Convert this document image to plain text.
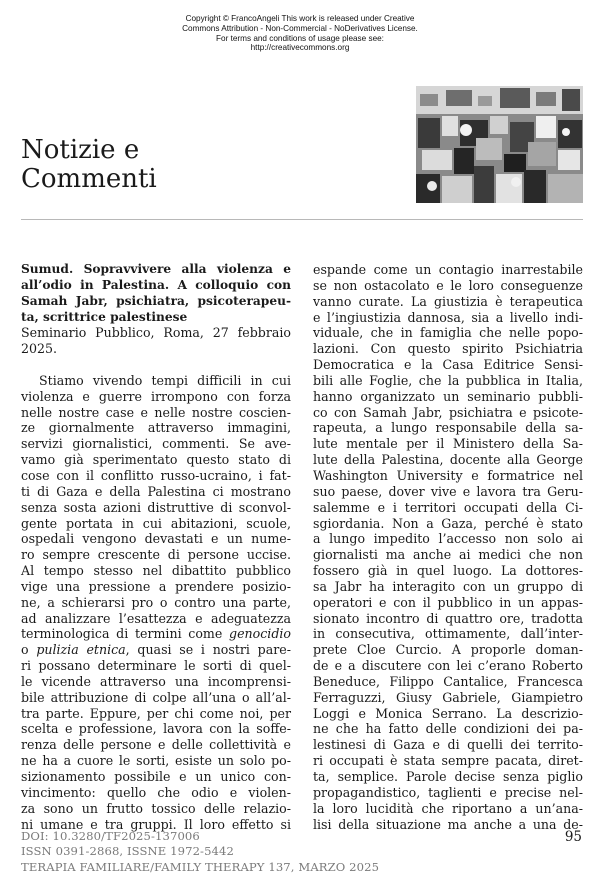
Copyright © FrancoAngeli This work is released under Creative
Commons Attribution - Non-Commercial - NoDerivatives License.
For terms and conditions of usage please see:
http://creativecommons.org
Notizie e
Commenti
Sumud. Sopravvivere alla violenza e
all’odio in Palestina. A colloquio con
Samah Jabr, psichiatra, psicoterapeu-
ta, scrittrice palestinese
Seminario Pubblico, Roma, 27 febbraio
2025.
Stiamo vivendo tempi difficili in cui
violenza e guerre irrompono con forza
nelle nostre case e nelle nostre coscien-
ze giornalmente attraverso immagini,
servizi giornalistici, commenti. Se ave-
vamo già sperimentato questo stato di
cose con il conflitto russo-ucraino, i fat-
ti di Gaza e della Palestina ci mostrano
senza sosta azioni distruttive di sconvol-
gente portata in cui abitazioni, scuole,
ospedali vengono devastati e un nume-
ro sempre crescente di persone uccise.
Al tempo stesso nel dibattito pubblico
vige una pressione a prendere posizio-
ne, a schierarsi pro o contro una parte,
ad analizzare l’esattezza e adeguatezza
terminologica di termini come genocidio
o pulizia etnica, quasi se i nostri pare-
ri possano determinare le sorti di quel-
le vicende attraverso una incomprensi-
bile attribuzione di colpe all’una o all’al-
tra parte. Eppure, per chi come noi, per
scelta e professione, lavora con la soffe-
renza delle persone e delle collettività e
ne ha a cuore le sorti, esiste un solo po-
sizionamento possibile e un unico con-
vincimento: quello che odio e violen-
za sono un frutto tossico delle relazio-
ni umane e tra gruppi. Il loro effetto si
espande come un contagio inarrestabile
se non ostacolato e le loro conseguenze
vanno curate. La giustizia è terapeutica
e l’ingiustizia dannosa, sia a livello indi-
viduale, che in famiglia che nelle popo-
lazioni. Con questo spirito Psichiatria
Democratica e la Casa Editrice Sensi-
bili alle Foglie, che la pubblica in Italia,
hanno organizzato un seminario pubbli-
co con Samah Jabr, psichiatra e psicote-
rapeuta, a lungo responsabile della sa-
lute mentale per il Ministero della Sa-
lute della Palestina, docente alla George
Washington University e formatrice nel
suo paese, dover vive e lavora tra Geru-
salemme e i territori occupati della Ci-
sgiordania. Non a Gaza, perché è stato
a lungo impedito l’accesso non solo ai
giornalisti ma anche ai medici che non
fossero già in quel luogo. La dottores-
sa Jabr ha interagito con un gruppo di
operatori e con il pubblico in un appas-
sionato incontro di quattro ore, tradotta
in consecutiva, ottimamente, dall’inter-
prete Cloe Curcio. A proporle doman-
de e a discutere con lei c’erano Roberto
Beneduce, Filippo Cantalice, Francesca
Ferraguzzi, Giusy Gabriele, Giampietro
Loggi e Monica Serrano. La descrizio-
ne che ha fatto delle condizioni dei pa-
lestinesi di Gaza e di quelli dei territo-
ri occupati è stata sempre pacata, diret-
ta, semplice. Parole decise senza piglio
propagandistico, taglienti e precise nel-
la loro lucidità che riportano a un’ana-
lisi della situazione ma anche a una de-
DOI: 10.3280/TF2025-137006
ISSN 0391-2868, ISSNE 1972-5442
TERAPIA FAMILIARE/FAMILY THERAPY 137, MARZO 2025
95
